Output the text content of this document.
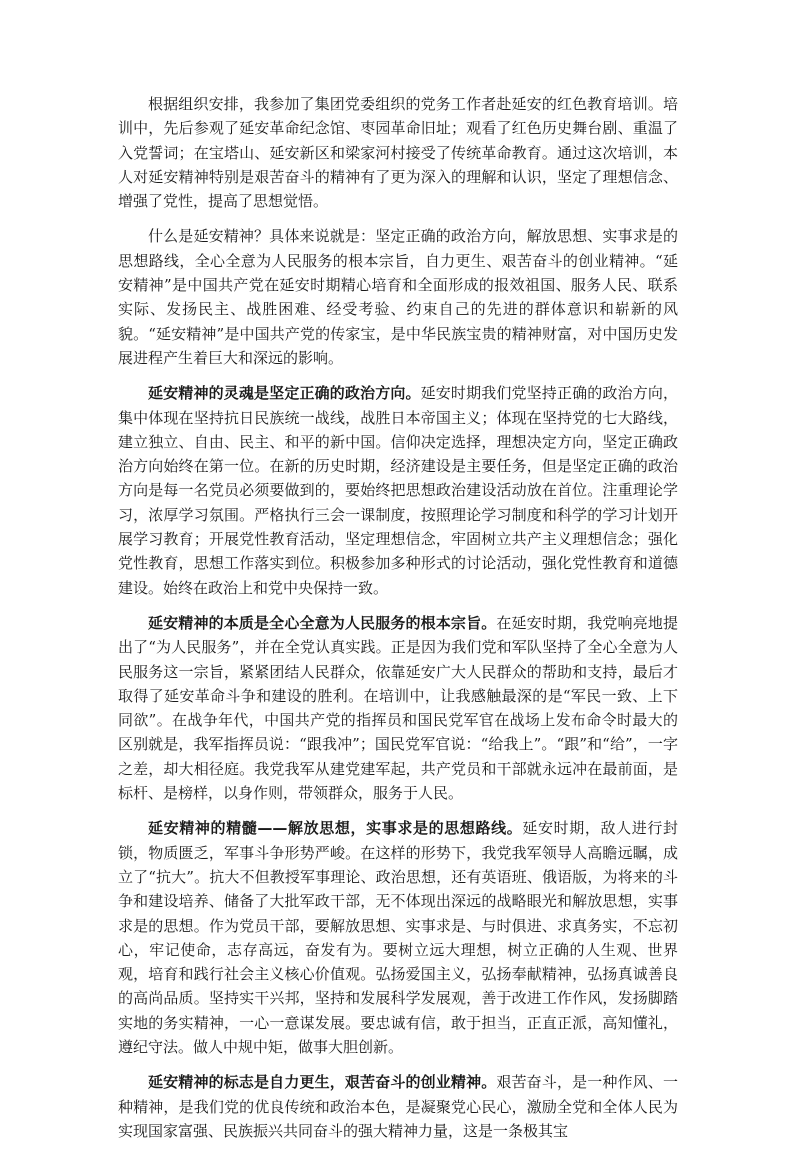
根据组织安排，我参加了集团党委组织的党务工作者赴延安的红色教育培训。培训中，先后参观了延安革命纪念馆、枣园革命旧址；观看了红色历史舞台剧、重温了入党誓词；在宝塔山、延安新区和梁家河村接受了传统革命教育。通过这次培训，本人对延安精神特别是艰苦奋斗的精神有了更为深入的理解和认识，坚定了理想信念、增强了党性，提高了思想觉悟。

什么是延安精神？具体来说就是：坚定正确的政治方向，解放思想、实事求是的思想路线，全心全意为人民服务的根本宗旨，自力更生、艰苦奋斗的创业精神。“延安精神”是中国共产党在延安时期精心培育和全面形成的报效祖国、服务人民、联系实际、发扬民主、战胜困难、经受考验、约束自己的先进的群体意识和崭新的风貌。“延安精神”是中国共产党的传家宝，是中华民族宝贵的精神财富，对中国历史发展进程产生着巨大和深远的影响。

延安精神的灵魂是坚定正确的政治方向。延安时期我们党坚持正确的政治方向，集中体现在坚持抗日民族统一战线，战胜日本帝国主义；体现在坚持党的七大路线，建立独立、自由、民主、和平的新中国。信仰决定选择，理想决定方向，坚定正确政治方向始终在第一位。在新的历史时期，经济建设是主要任务，但是坚定正确的政治方向是每一名党员必须要做到的，要始终把思想政治建设活动放在首位。注重理论学习，浓厚学习氛围。严格执行三会一课制度，按照理论学习制度和科学的学习计划开展学习教育；开展党性教育活动，坚定理想信念，牢固树立共产主义理想信念；强化党性教育，思想工作落实到位。积极参加多种形式的讨论活动，强化党性教育和道德建设。始终在政治上和党中央保持一致。

延安精神的本质是全心全意为人民服务的根本宗旨。在延安时期，我党响亮地提出了“为人民服务”，并在全党认真实践。正是因为我们党和军队坚持了全心全意为人民服务这一宗旨，紧紧团结人民群众，依靠延安广大人民群众的帮助和支持，最后才取得了延安革命斗争和建设的胜利。在培训中，让我感触最深的是“军民一致、上下同欲”。在战争年代，中国共产党的指挥员和国民党军官在战场上发布命令时最大的区别就是，我军指挥员说：“跟我冲”；国民党军官说：“给我上”。“跟”和“给”，一字之差，却大相径庭。我党我军从建党建军起，共产党员和干部就永远冲在最前面，是标杆、是榜样，以身作则，带领群众，服务于人民。

延安精神的精髓——解放思想，实事求是的思想路线。延安时期，敌人进行封锁，物质匮乏，军事斗争形势严峻。在这样的形势下，我党我军领导人高瞻远瞩，成立了“抗大”。抗大不但教授军事理论、政治思想，还有英语班、俄语版，为将来的斗争和建设培养、储备了大批军政干部，无不体现出深远的战略眼光和解放思想，实事求是的思想。作为党员干部，要解放思想、实事求是、与时俱进、求真务实，不忘初心，牢记使命，志存高远，奋发有为。要树立远大理想，树立正确的人生观、世界观，培育和践行社会主义核心价值观。弘扬爱国主义，弘扬奉献精神，弘扬真诚善良的高尚品质。坚持实干兴邦，坚持和发展科学发展观，善于改进工作作风，发扬脚踏实地的务实精神，一心一意谋发展。要忠诚有信，敢于担当，正直正派，高知懂礼，遵纪守法。做人中规中矩，做事大胆创新。

延安精神的标志是自力更生，艰苦奋斗的创业精神。艰苦奋斗，是一种作风、一种精神，是我们党的优良传统和政治本色，是凝聚党心民心，激励全党和全体人民为实现国家富强、民族振兴共同奋斗的强大精神力量，这是一条极其宝
